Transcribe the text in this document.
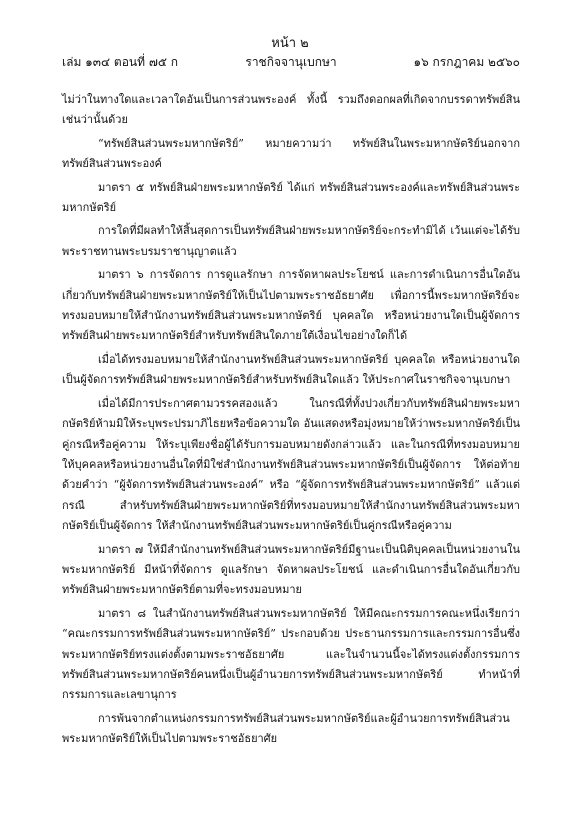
หน้า ๒
เล่ม ๑๓๔ ตอนที่ ๗๕ ก	ราชกิจจานุเบกษา	๑๖ กรกฎาคม ๒๕๖๐

ไม่ว่าในทางใดและเวลาใดอันเป็นการส่วนพระองค์ ทั้งนี้ รวมถึงดอกผลที่เกิดจากบรรดาทรัพย์สินเช่นว่านั้นด้วย

“ทรัพย์สินส่วนพระมหากษัตริย์” หมายความว่า ทรัพย์สินในพระมหากษัตริย์นอกจากทรัพย์สินส่วนพระองค์

มาตรา ๕ ทรัพย์สินฝ่ายพระมหากษัตริย์ ได้แก่ ทรัพย์สินส่วนพระองค์และทรัพย์สินส่วนพระมหากษัตริย์

การใดที่มีผลทำให้สิ้นสุดการเป็นทรัพย์สินฝ่ายพระมหากษัตริย์จะกระทำมิได้ เว้นแต่จะได้รับพระราชทานพระบรมราชานุญาตแล้ว

มาตรา ๖ การจัดการ การดูแลรักษา การจัดหาผลประโยชน์ และการดำเนินการอื่นใดอันเกี่ยวกับทรัพย์สินฝ่ายพระมหากษัตริย์ให้เป็นไปตามพระราชอัธยาศัย เพื่อการนี้พระมหากษัตริย์จะทรงมอบหมายให้สำนักงานทรัพย์สินส่วนพระมหากษัตริย์ บุคคลใด หรือหน่วยงานใดเป็นผู้จัดการทรัพย์สินฝ่ายพระมหากษัตริย์สำหรับทรัพย์สินใดภายใต้เงื่อนไขอย่างใดก็ได้

เมื่อได้ทรงมอบหมายให้สำนักงานทรัพย์สินส่วนพระมหากษัตริย์ บุคคลใด หรือหน่วยงานใดเป็นผู้จัดการทรัพย์สินฝ่ายพระมหากษัตริย์สำหรับทรัพย์สินใดแล้ว ให้ประกาศในราชกิจจานุเบกษา

เมื่อได้มีการประกาศตามวรรคสองแล้ว ในกรณีที่ทั้งปวงเกี่ยวกับทรัพย์สินฝ่ายพระมหากษัตริย์ห้ามมิให้ระบุพระปรมาภิไธยหรือข้อความใด อันแสดงหรือมุ่งหมายให้ว่าพระมหากษัตริย์เป็นคู่กรณีหรือคู่ความ ให้ระบุเพียงชื่อผู้ได้รับการมอบหมายดังกล่าวแล้ว และในกรณีที่ทรงมอบหมายให้บุคคลหรือหน่วยงานอื่นใดที่มิใช่สำนักงานทรัพย์สินส่วนพระมหากษัตริย์เป็นผู้จัดการ ให้ต่อท้ายด้วยคำว่า “ผู้จัดการทรัพย์สินส่วนพระองค์” หรือ “ผู้จัดการทรัพย์สินส่วนพระมหากษัตริย์” แล้วแต่กรณี สำหรับทรัพย์สินฝ่ายพระมหากษัตริย์ที่ทรงมอบหมายให้สำนักงานทรัพย์สินส่วนพระมหากษัตริย์เป็นผู้จัดการ ให้สำนักงานทรัพย์สินส่วนพระมหากษัตริย์เป็นคู่กรณีหรือคู่ความ

มาตรา ๗ ให้มีสำนักงานทรัพย์สินส่วนพระมหากษัตริย์มีฐานะเป็นนิติบุคคลเป็นหน่วยงานในพระมหากษัตริย์ มีหน้าที่จัดการ ดูแลรักษา จัดหาผลประโยชน์ และดำเนินการอื่นใดอันเกี่ยวกับทรัพย์สินฝ่ายพระมหากษัตริย์ตามที่จะทรงมอบหมาย

มาตรา ๘ ในสำนักงานทรัพย์สินส่วนพระมหากษัตริย์ ให้มีคณะกรรมการคณะหนึ่งเรียกว่า “คณะกรรมการทรัพย์สินส่วนพระมหากษัตริย์” ประกอบด้วย ประธานกรรมการและกรรมการอื่นซึ่งพระมหากษัตริย์ทรงแต่งตั้งตามพระราชอัธยาศัย และในจำนวนนี้จะได้ทรงแต่งตั้งกรรมการทรัพย์สินส่วนพระมหากษัตริย์คนหนึ่งเป็นผู้อำนวยการทรัพย์สินส่วนพระมหากษัตริย์ ทำหน้าที่กรรมการและเลขานุการ

การพ้นจากตำแหน่งกรรมการทรัพย์สินส่วนพระมหากษัตริย์และผู้อำนวยการทรัพย์สินส่วนพระมหากษัตริย์ให้เป็นไปตามพระราชอัธยาศัย
